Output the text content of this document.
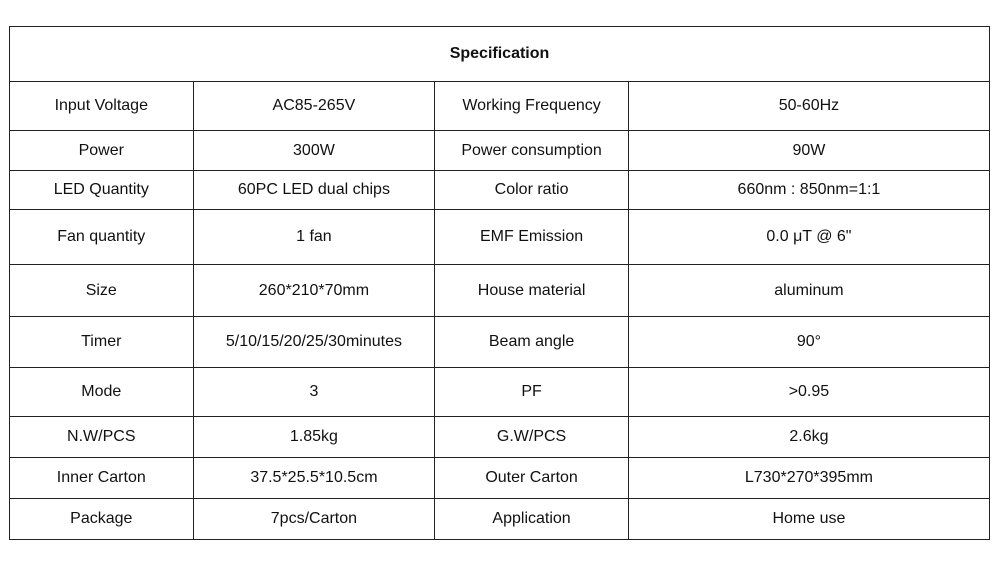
Specification			
Input Voltage	AC85-265V	Working Frequency	50-60Hz
Power	300W	Power consumption	90W
LED Quantity	60PC LED dual chips	Color ratio	660nm : 850nm=1:1
Fan quantity	1 fan	EMF Emission	0.0 μT @ 6"
Size	260*210*70mm	House material	aluminum
Timer	5/10/15/20/25/30minutes	Beam angle	90°
Mode	3	PF	>0.95
N.W/PCS	1.85kg	G.W/PCS	2.6kg
Inner Carton	37.5*25.5*10.5cm	Outer Carton	L730*270*395mm
Package	7pcs/Carton	Application	Home use
